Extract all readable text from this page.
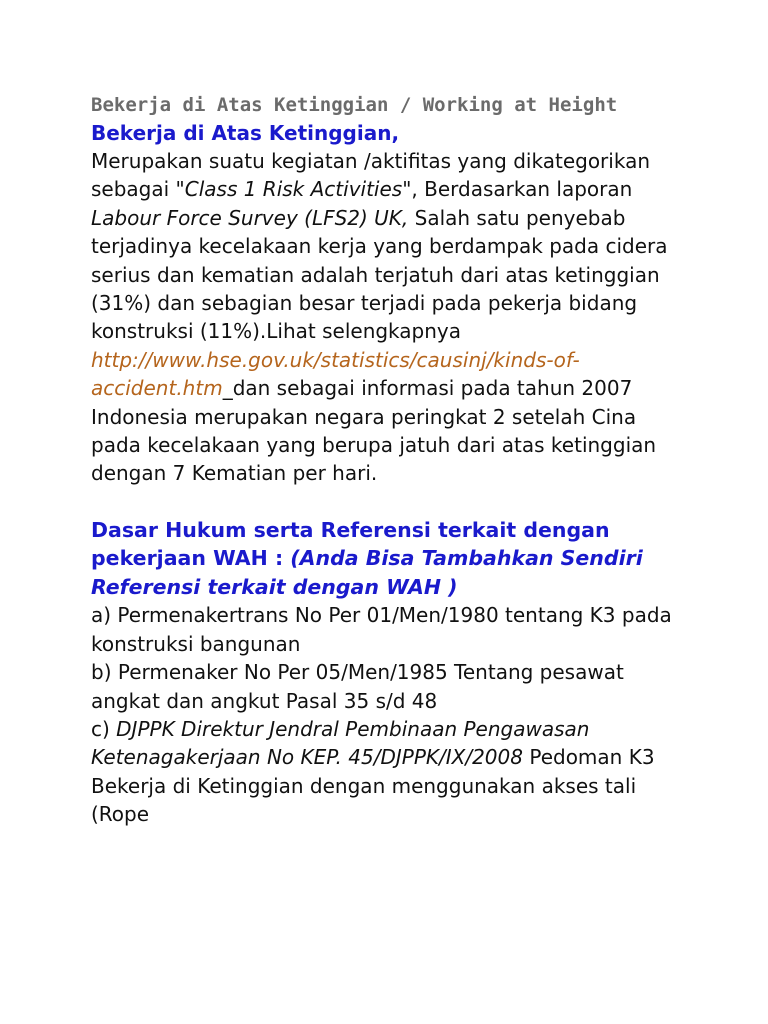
Bekerja di Atas Ketinggian / Working at Height
Bekerja di Atas Ketinggian,
Merupakan suatu kegiatan /aktifitas yang dikategorikan sebagai "Class 1 Risk Activities", Berdasarkan laporan Labour Force Survey (LFS2) UK, Salah satu penyebab terjadinya kecelakaan kerja yang berdampak pada cidera serius dan kematian adalah terjatuh dari atas ketinggian (31%) dan sebagian besar terjadi pada pekerja bidang konstruksi (11%).Lihat selengkapnya http://www.hse.gov.uk/statistics/causinj/kinds-of-accident.htm_dan sebagai informasi pada tahun 2007 Indonesia merupakan negara peringkat 2 setelah Cina pada kecelakaan yang berupa jatuh dari atas ketinggian dengan 7 Kematian per hari.
Dasar Hukum serta Referensi terkait dengan pekerjaan WAH : (Anda Bisa Tambahkan Sendiri Referensi terkait dengan WAH )
a) Permenakertrans No Per 01/Men/1980 tentang K3 pada konstruksi bangunan
b) Permenaker No Per 05/Men/1985 Tentang pesawat angkat dan angkut Pasal 35 s/d 48
c) DJPPK Direktur Jendral Pembinaan Pengawasan Ketenagakerjaan No KEP. 45/DJPPK/IX/2008 Pedoman K3 Bekerja di Ketinggian dengan menggunakan akses tali (Rope
